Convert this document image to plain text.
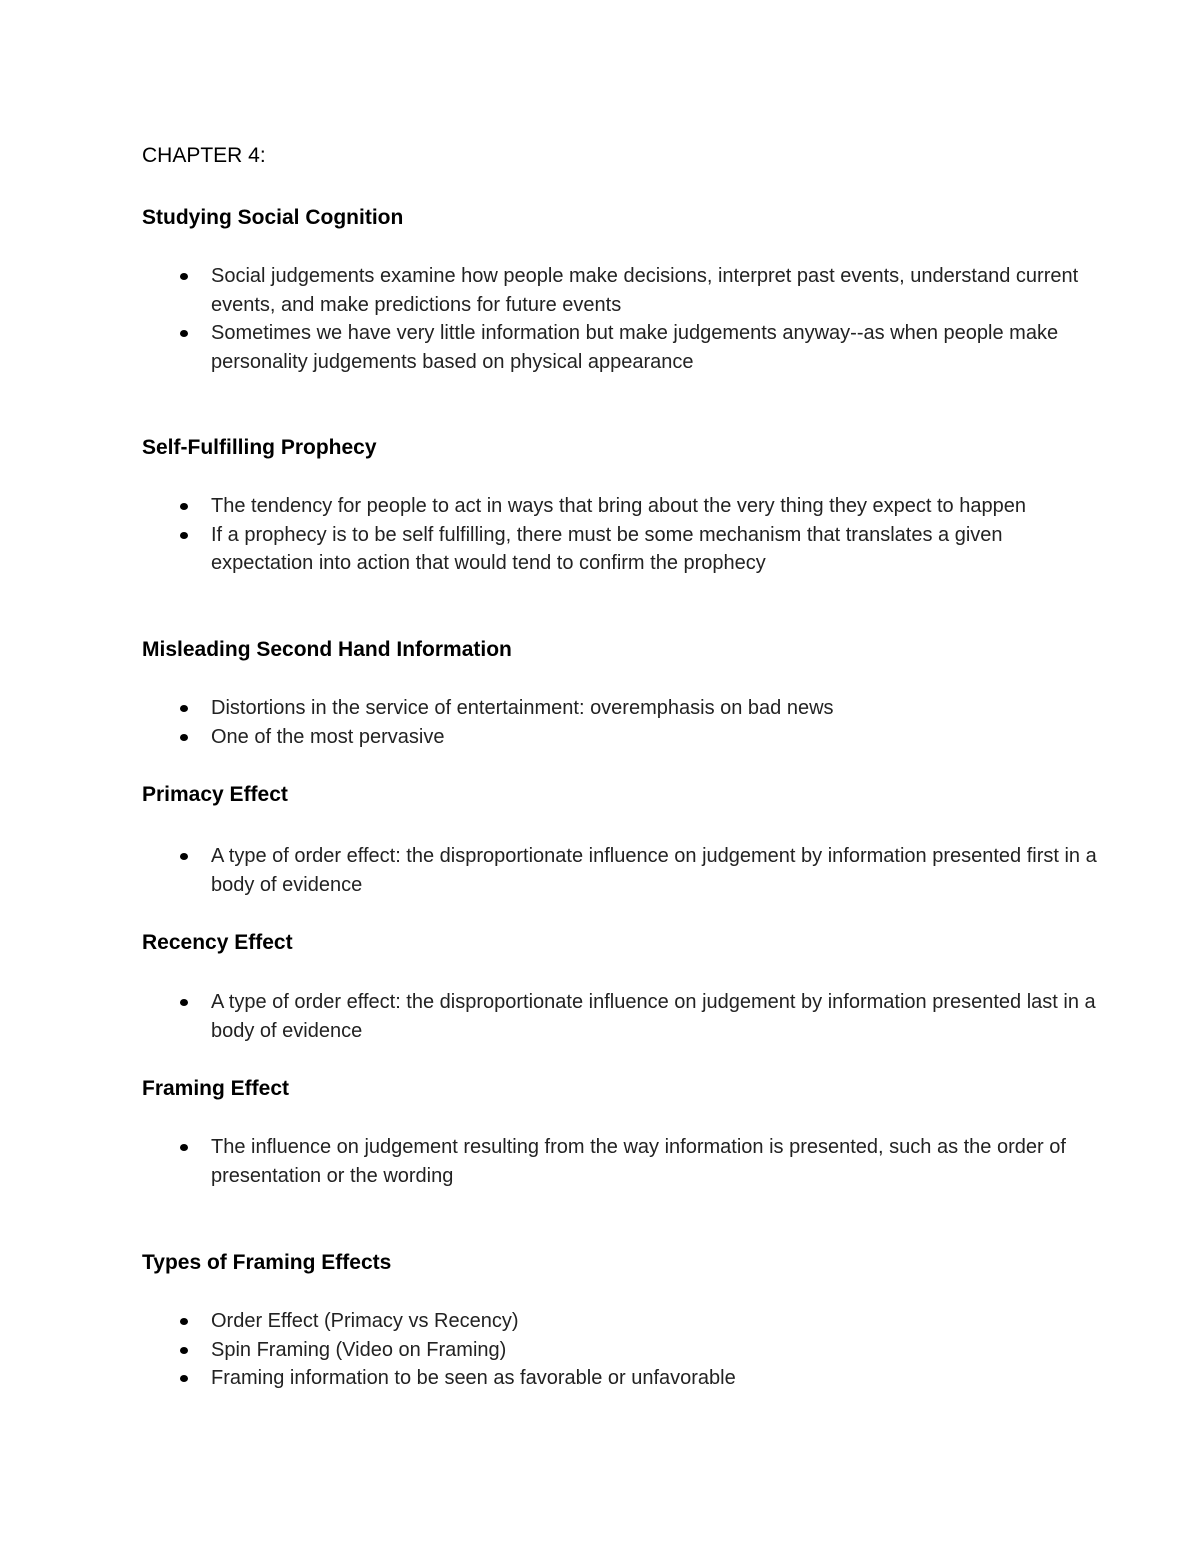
CHAPTER 4:
Studying Social Cognition
Social judgements examine how people make decisions, interpret past events, understand current events, and make predictions for future events
Sometimes we have very little information but make judgements anyway--as when people make personality judgements based on physical appearance
Self-Fulfilling Prophecy
The tendency for people to act in ways that bring about the very thing they expect to happen
If a prophecy is to be self fulfilling, there must be some mechanism that translates a given expectation into action that would tend to confirm the prophecy
Misleading Second Hand Information
Distortions in the service of entertainment: overemphasis on bad news
One of the most pervasive
Primacy Effect
A type of order effect: the disproportionate influence on judgement by information presented first in a body of evidence
Recency Effect
A type of order effect: the disproportionate influence on judgement by information presented last in a body of evidence
Framing Effect
The influence on judgement resulting from the way information is presented, such as the order of presentation or the wording
Types of Framing Effects
Order Effect (Primacy vs Recency)
Spin Framing (Video on Framing)
Framing information to be seen as favorable or unfavorable
